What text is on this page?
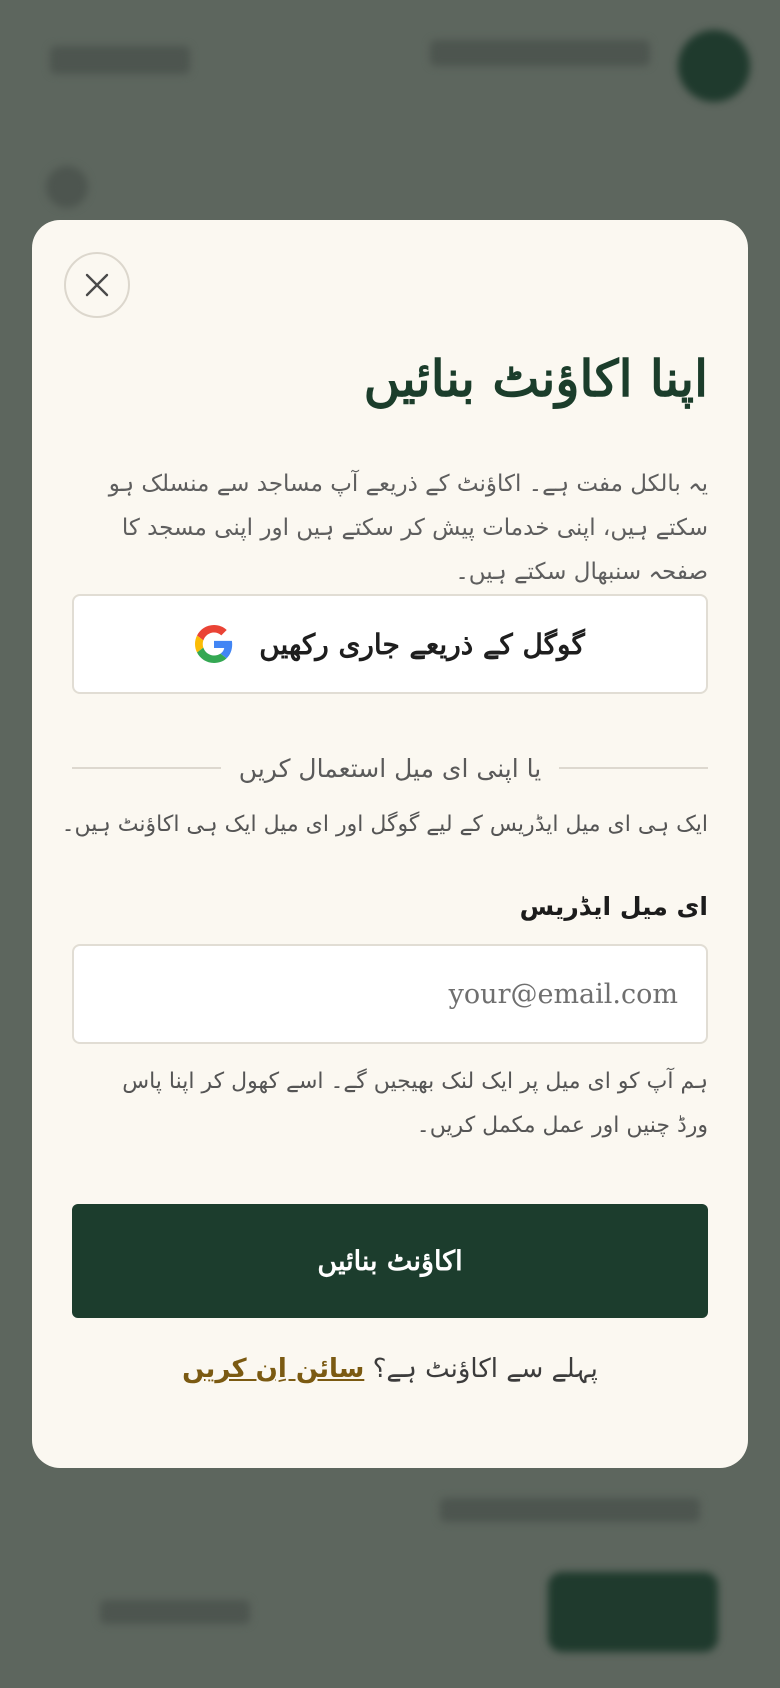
اپنا اکاؤنٹ بنائیں

یہ بالکل مفت ہے۔ اکاؤنٹ کے ذریعے آپ مساجد سے منسلک ہو سکتے ہیں، اپنی خدمات پیش کر سکتے ہیں اور اپنی مسجد کا صفحہ سنبھال سکتے ہیں۔

گوگل کے ذریعے جاری رکھیں
یا اپنی ای میل استعمال کریں

ایک ہی ای میل ایڈریس کے لیے گوگل اور ای میل ایک ہی اکاؤنٹ ہیں۔

ای میل ایڈریس
your@email.com

ہم آپ کو ای میل پر ایک لنک بھیجیں گے۔ اسے کھول کر اپنا پاس ورڈ چنیں اور عمل مکمل کریں۔

اکاؤنٹ بنائیں
پہلے سے اکاؤنٹ ہے؟ سائن اِن کریں
